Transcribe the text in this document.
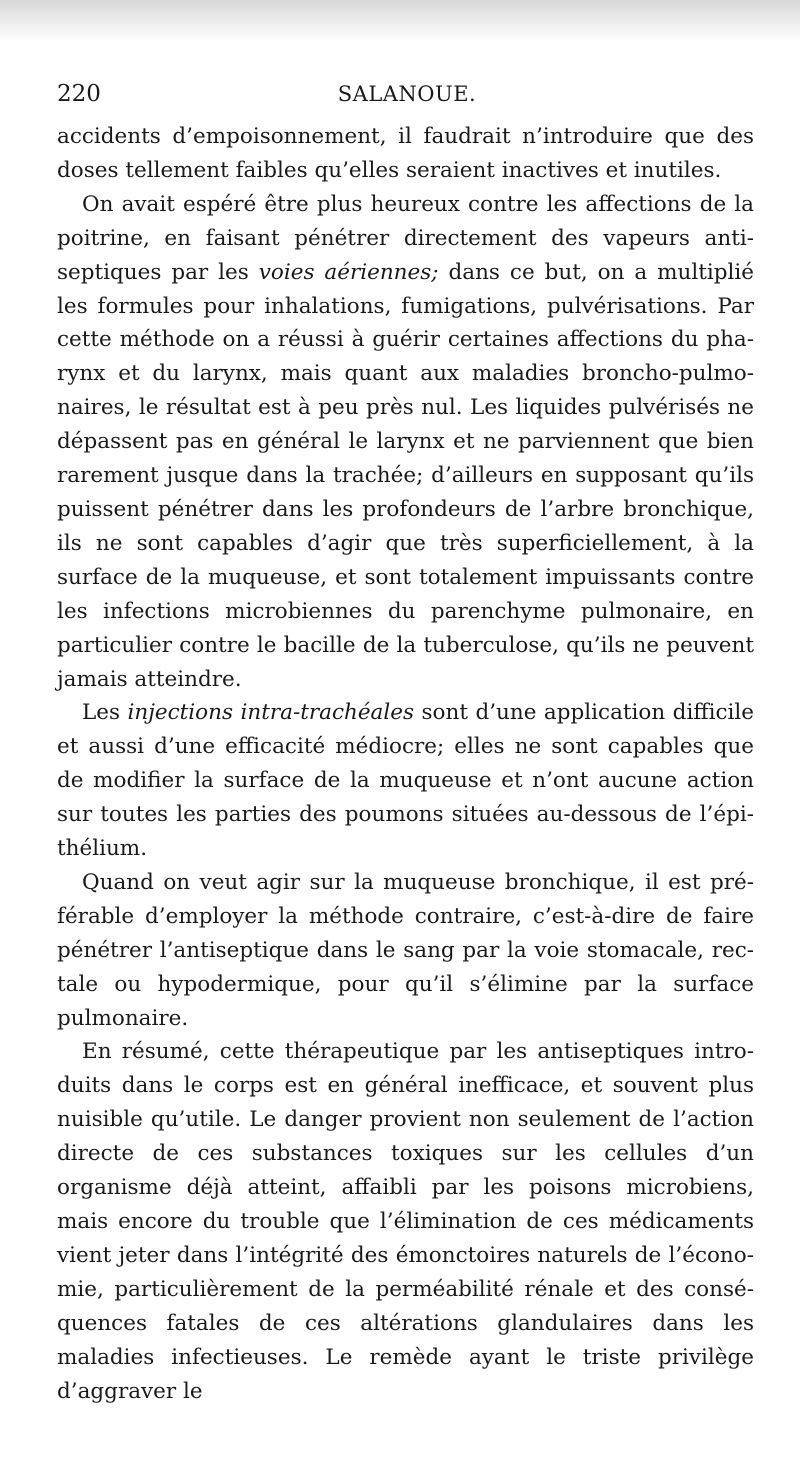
220	SALANOUE.

accidents d’empoisonnement, il faudrait n’introduire que des doses tellement faibles qu’elles seraient inactives et inutiles.

On avait espéré être plus heureux contre les affections de la poitrine, en faisant pénétrer directement des vapeurs antiseptiques par les voies aériennes; dans ce but, on a multiplié les formules pour inhalations, fumigations, pulvérisations. Par cette méthode on a réussi à guérir certaines affections du pharynx et du larynx, mais quant aux maladies broncho-pulmonaires, le résultat est à peu près nul. Les liquides pulvérisés ne dépassent pas en général le larynx et ne parviennent que bien rarement jusque dans la trachée; d’ailleurs en supposant qu’ils puissent pénétrer dans les profondeurs de l’arbre bronchique, ils ne sont capables d’agir que très superficiellement, à la surface de la muqueuse, et sont totalement impuissants contre les infections microbiennes du parenchyme pulmonaire, en particulier contre le bacille de la tuberculose, qu’ils ne peuvent jamais atteindre.

Les injections intra-trachéales sont d’une application difficile et aussi d’une efficacité médiocre; elles ne sont capables que de modifier la surface de la muqueuse et n’ont aucune action sur toutes les parties des poumons situées au-dessous de l’épithélium.

Quand on veut agir sur la muqueuse bronchique, il est préférable d’employer la méthode contraire, c’est-à-dire de faire pénétrer l’antiseptique dans le sang par la voie stomacale, rectale ou hypodermique, pour qu’il s’élimine par la surface pulmonaire.

En résumé, cette thérapeutique par les antiseptiques introduits dans le corps est en général inefficace, et souvent plus nuisible qu’utile. Le danger provient non seulement de l’action directe de ces substances toxiques sur les cellules d’un organisme déjà atteint, affaibli par les poisons microbiens, mais encore du trouble que l’élimination de ces médicaments vient jeter dans l’intégrité des émonctoires naturels de l’économie, particulièrement de la perméabilité rénale et des conséquences fatales de ces altérations glandulaires dans les maladies infectieuses. Le remède ayant le triste privilège d’aggraver le
